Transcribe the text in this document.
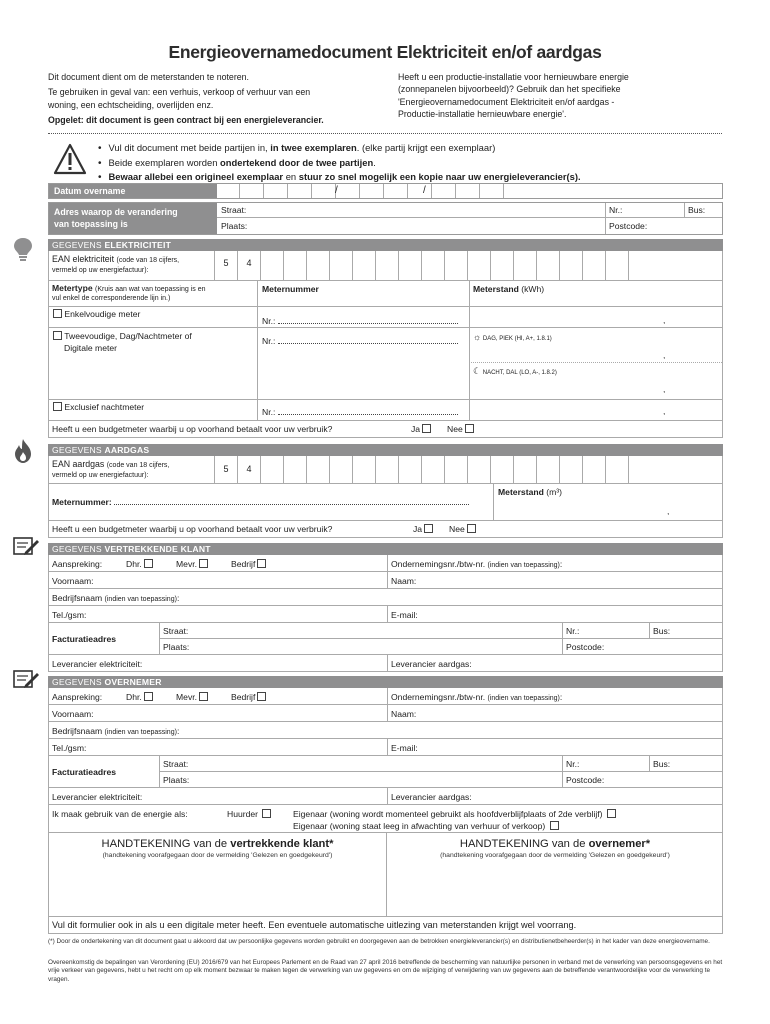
Energieovernamedocument Elektriciteit en/of aardgas
Dit document dient om de meterstanden te noteren.
Te gebruiken in geval van: een verhuis, verkoop of verhuur van een
woning, een echtscheiding, overlijden enz.
Opgelet: dit document is geen contract bij een energieleverancier.
Heeft u een productie-installatie voor hernieuwbare energie
(zonnepanelen bijvoorbeeld)? Gebruik dan het specifieke
'Energieovernamedocument Elektriciteit en/of aardgas -
Productie-installatie hernieuwbare energie'.
• Vul dit document met beide partijen in, in twee exemplaren. (elke partij krijgt een exemplaar)
• Beide exemplaren worden ondertekend door de twee partijen.
• Bewaar allebei een origineel exemplaar en stuur zo snel mogelijk een kopie naar uw energieleverancier(s).
Datum overname	/	/
Adres waarop de verandering
van toepassing is
Straat:	Nr.:	Bus:
Plaats:	Postcode:
GEGEVENS ELEKTRICITEIT
EAN elektriciteit (code van 18 cijfers,
vermeld op uw energiefactuur):
5	4
Metertype (Kruis aan wat van toepassing is en
vul enkel de corresponderende lijn in.)
Meternummer	Meterstand (kWh)
Enkelvoudige meter
Nr.:	,
Tweevoudige, Dag/Nachtmeter of
Digitale meter
Nr.:	☼ DAG, PIEK (HI, A+, 1.8.1)
,
☾ NACHT, DAL (LO, A-, 1.8.2)
,
Exclusief nachtmeter	Nr.:	,
Heeft u een budgetmeter waarbij u op voorhand betaalt voor uw verbruik?	Ja	Nee
GEGEVENS AARDGAS
EAN aardgas (code van 18 cijfers,
vermeld op uw energiefactuur):
5	4
Meternummer:
Meterstand (m³)
,
Heeft u een budgetmeter waarbij u op voorhand betaalt voor uw verbruik?	Ja	Nee
GEGEVENS VERTREKKENDE KLANT
Aanspreking:	Dhr.	Mevr.	Bedrijf	Ondernemingsnr./btw-nr. (indien van toepassing):
Voornaam:	Naam:
Bedrijfsnaam (indien van toepassing):
Tel./gsm:	E-mail:
Facturatieadres
Straat:	Nr.:	Bus:
Plaats:	Postcode:
Leverancier elektriciteit:	Leverancier aardgas:
GEGEVENS OVERNEMER
Aanspreking:	Dhr.	Mevr.	Bedrijf	Ondernemingsnr./btw-nr. (indien van toepassing):
Voornaam:	Naam:
Bedrijfsnaam (indien van toepassing):
Tel./gsm:	E-mail:
Facturatieadres
Straat:	Nr.:	Bus:
Plaats:	Postcode:
Leverancier elektriciteit:	Leverancier aardgas:
Ik maak gebruik van de energie als:	Huurder	Eigenaar (woning wordt momenteel gebruikt als hoofdverblijfplaats of 2de verblijf)
Eigenaar (woning staat leeg in afwachting van verhuur of verkoop)
HANDTEKENING van de vertrekkende klant*
(handtekening voorafgegaan door de vermelding 'Gelezen en goedgekeurd')
HANDTEKENING van de overnemer*
(handtekening voorafgegaan door de vermelding 'Gelezen en goedgekeurd')
Vul dit formulier ook in als u een digitale meter heeft. Een eventuele automatische uitlezing van meterstanden krijgt wel voorrang.
(*) Door de ondertekening van dit document gaat u akkoord dat uw persoonlijke gegevens worden gebruikt en doorgegeven aan de betrokken energieleverancier(s) en distributienetbeheerder(s) in het kader van deze energieovername.
Overeenkomstig de bepalingen van Verordening (EU) 2016/679 van het Europees Parlement en de Raad van 27 april 2016 betreffende de bescherming van natuurlijke personen in verband met de verwerking van persoonsgegevens en het vrije verkeer van gegevens, hebt u het recht om op elk moment bezwaar te maken tegen de verwerking van uw gegevens en om de wijziging of verwijdering van uw gegevens aan de betreffende verantwoordelijke voor de verwerking te vragen.
